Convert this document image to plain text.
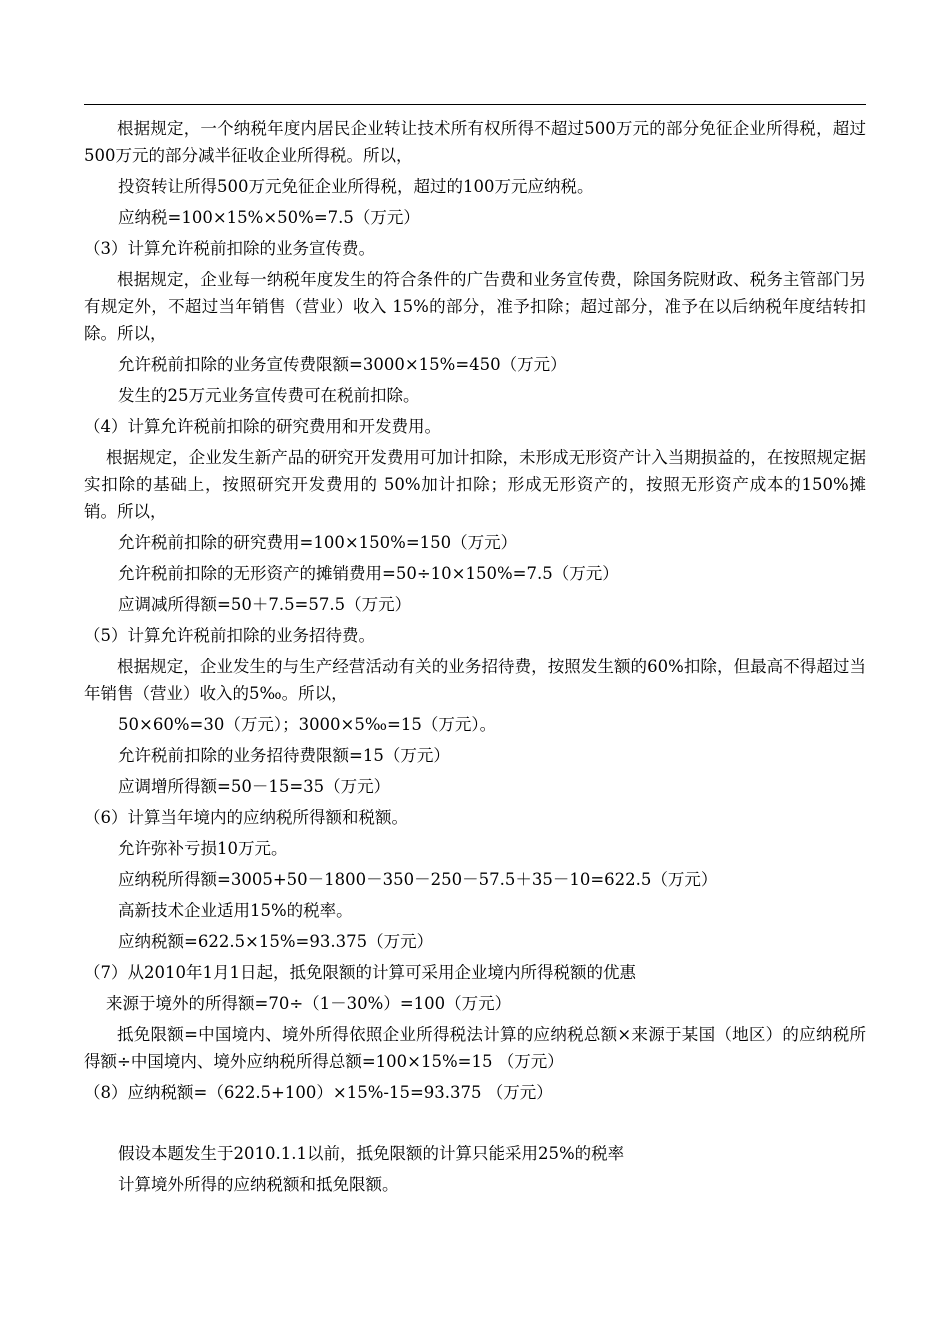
根据规定，一个纳税年度内居民企业转让技术所有权所得不超过500万元的部分免征企业所得税，超过500万元的部分减半征收企业所得税。所以，

投资转让所得500万元免征企业所得税，超过的100万元应纳税。

应纳税=100×15%×50%=7.5（万元）

（3）计算允许税前扣除的业务宣传费。

根据规定，企业每一纳税年度发生的符合条件的广告费和业务宣传费，除国务院财政、税务主管部门另有规定外，不超过当年销售（营业）收入 15%的部分，准予扣除；超过部分，准予在以后纳税年度结转扣除。所以，

允许税前扣除的业务宣传费限额=3000×15%=450（万元）

发生的25万元业务宣传费可在税前扣除。

（4）计算允许税前扣除的研究费用和开发费用。

根据规定，企业发生新产品的研究开发费用可加计扣除，未形成无形资产计入当期损益的，在按照规定据实扣除的基础上，按照研究开发费用的 50%加计扣除；形成无形资产的，按照无形资产成本的150%摊销。所以，

允许税前扣除的研究费用=100×150%=150（万元）

允许税前扣除的无形资产的摊销费用=50÷10×150%=7.5（万元）

应调减所得额=50＋7.5=57.5（万元）

（5）计算允许税前扣除的业务招待费。

根据规定，企业发生的与生产经营活动有关的业务招待费，按照发生额的60%扣除，但最高不得超过当年销售（营业）收入的5‰。所以，

50×60%=30（万元）；3000×5‰=15（万元）。

允许税前扣除的业务招待费限额=15（万元）

应调增所得额=50－15=35（万元）

（6）计算当年境内的应纳税所得额和税额。

允许弥补亏损10万元。

应纳税所得额=3005+50－1800－350－250－57.5＋35－10=622.5（万元）

高新技术企业适用15%的税率。

应纳税额=622.5×15%=93.375（万元）

（7）从2010年1月1日起，抵免限额的计算可采用企业境内所得税额的优惠

来源于境外的所得额=70÷（1－30%）=100（万元）

抵免限额=中国境内、境外所得依照企业所得税法计算的应纳税总额×来源于某国（地区）的应纳税所得额÷中国境内、境外应纳税所得总额=100×15%=15 （万元）

（8）应纳税额=（622.5+100）×15%-15=93.375 （万元）

假设本题发生于2010.1.1以前，抵免限额的计算只能采用25%的税率

计算境外所得的应纳税额和抵免限额。
